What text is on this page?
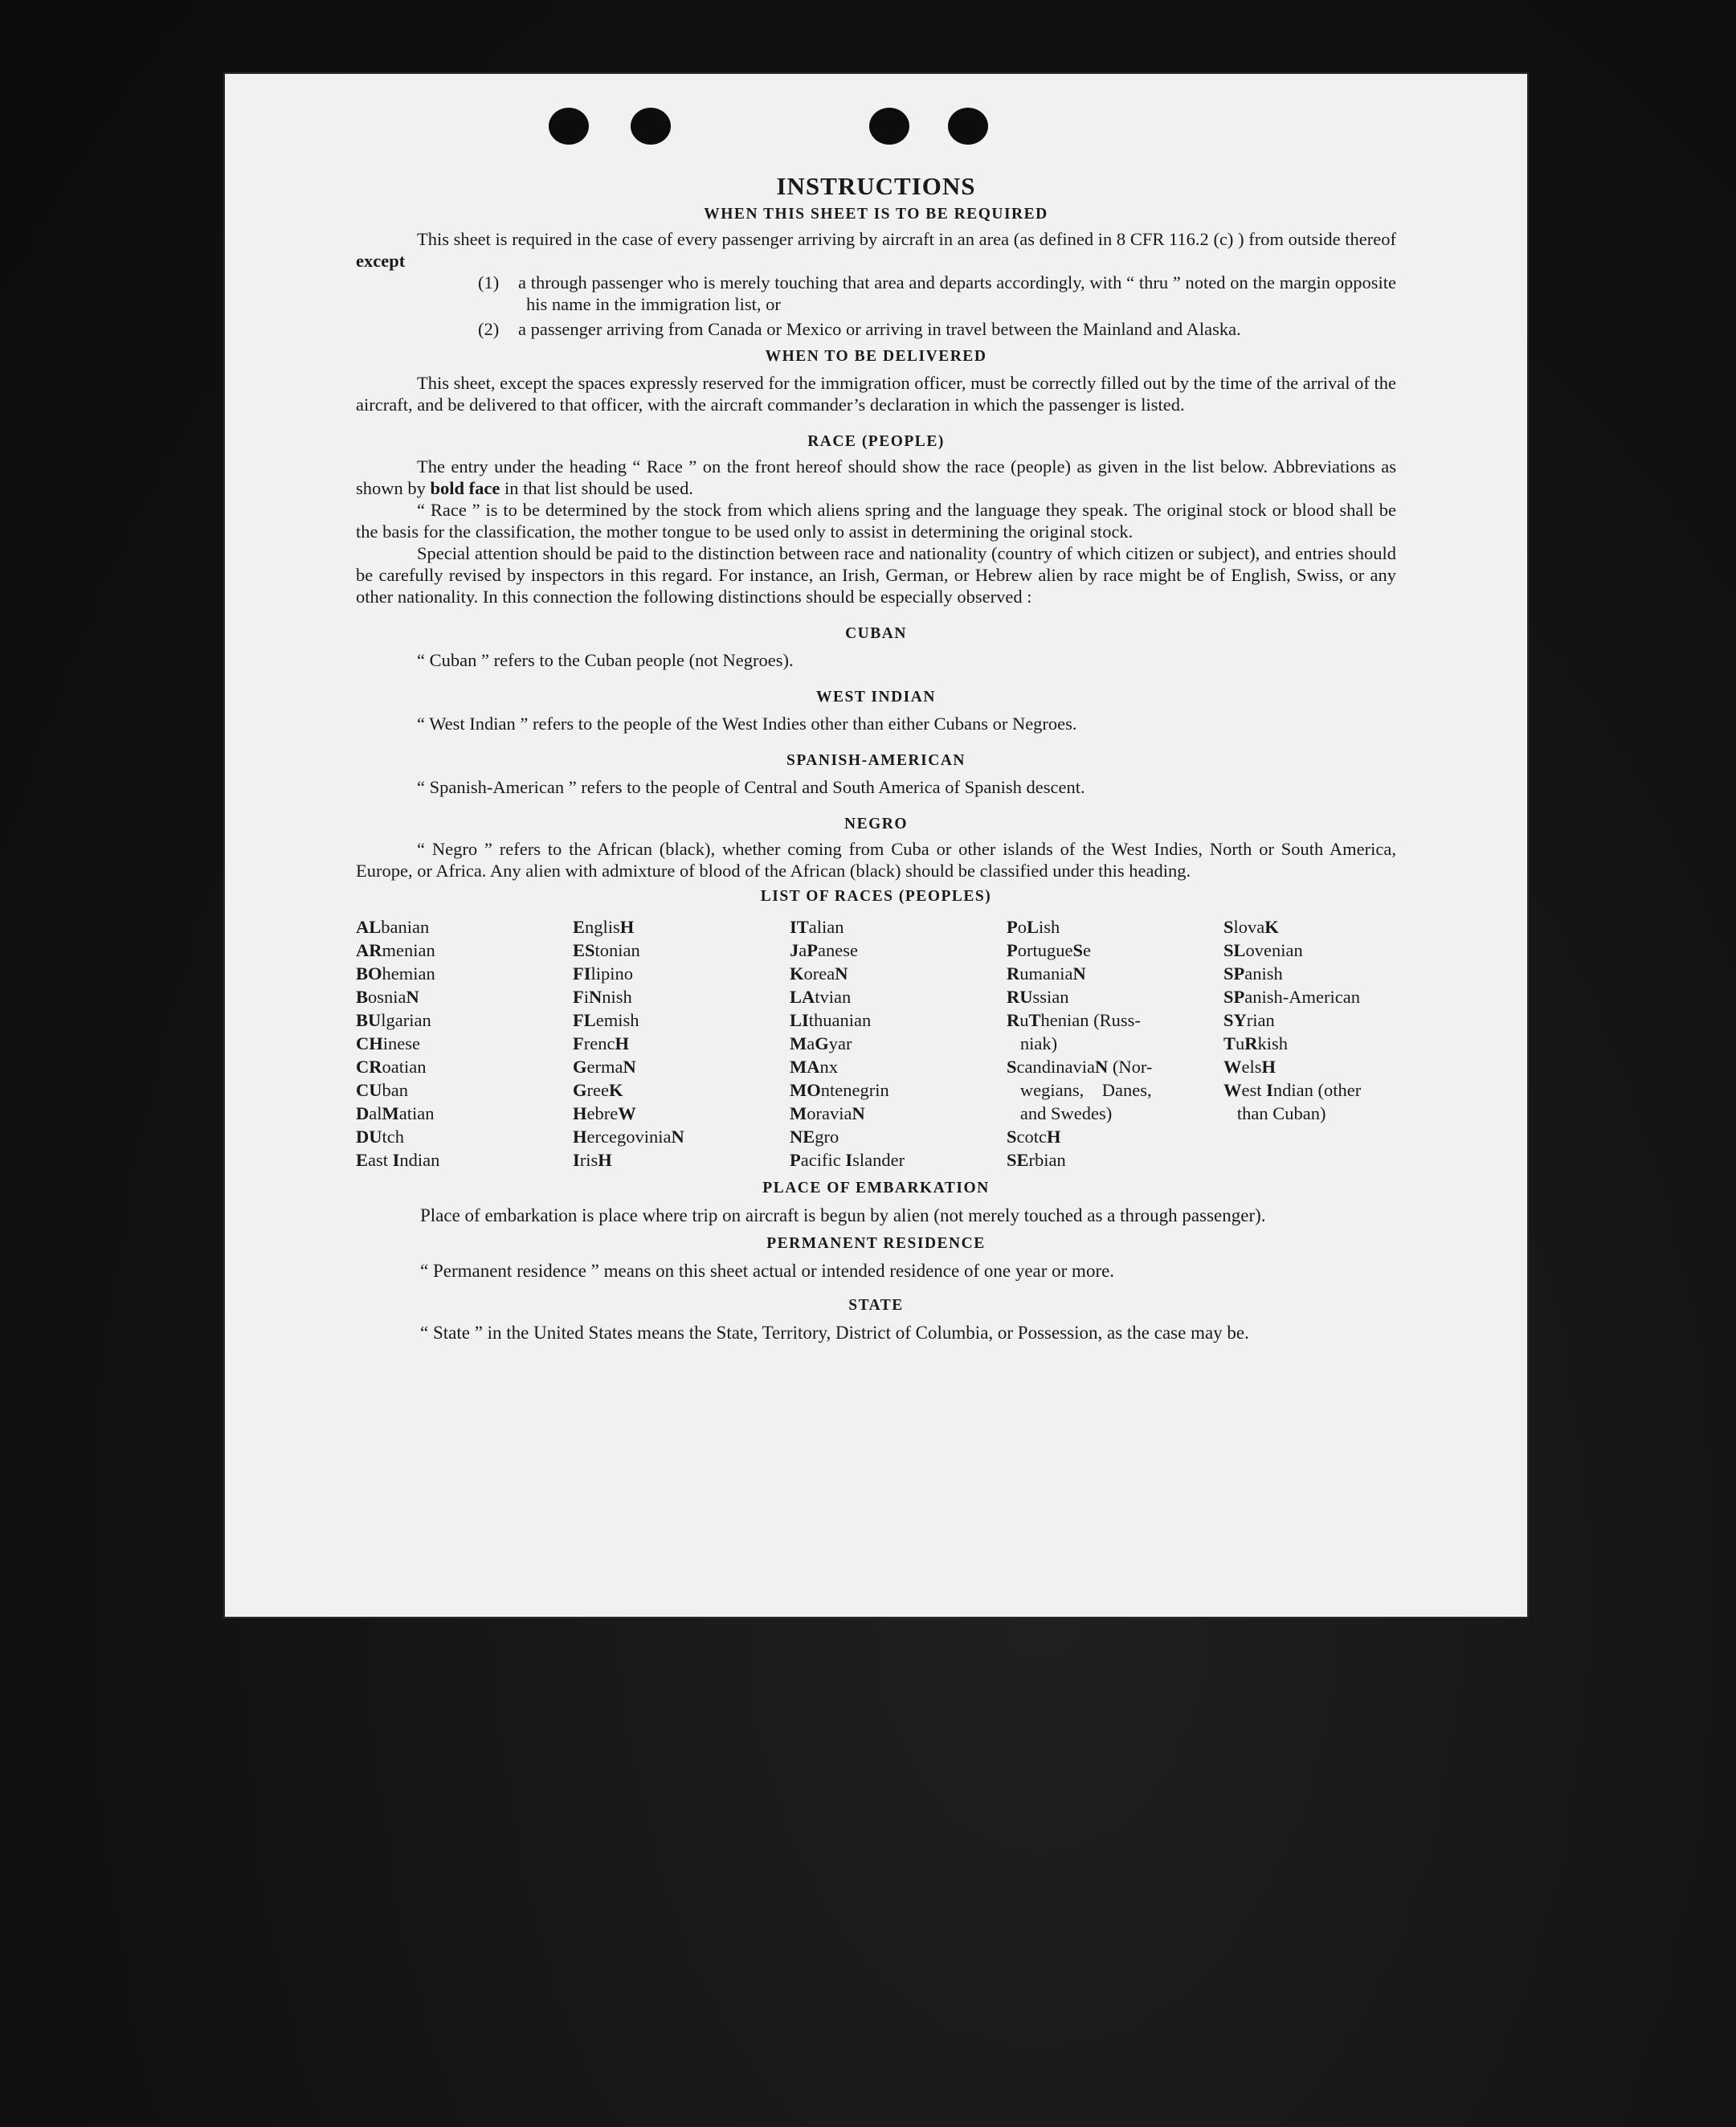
INSTRUCTIONS
WHEN THIS SHEET IS TO BE REQUIRED

This sheet is required in the case of every passenger arriving by aircraft in an area (as defined in 8 CFR 116.2 (c) ) from outside thereof except

(1)	a through passenger who is merely touching that area and departs accordingly, with “ thru ” noted on the margin opposite his name in the immigration list, or
(2)	a passenger arriving from Canada or Mexico or arriving in travel between the Mainland and Alaska.
WHEN TO BE DELIVERED

This sheet, except the spaces expressly reserved for the immigration officer, must be correctly filled out by the time of the arrival of the aircraft, and be delivered to that officer, with the aircraft commander’s declaration in which the passenger is listed.

RACE (PEOPLE)

The entry under the heading “ Race ” on the front hereof should show the race (people) as given in the list below. Abbreviations as shown by bold face in that list should be used.

“ Race ” is to be determined by the stock from which aliens spring and the language they speak. The original stock or blood shall be the basis for the classification, the mother tongue to be used only to assist in determining the original stock.

Special attention should be paid to the distinction between race and nationality (country of which citizen or subject), and entries should be carefully revised by inspectors in this regard. For instance, an Irish, German, or Hebrew alien by race might be of English, Swiss, or any other nationality. In this connection the following distinctions should be especially observed :

CUBAN
“ Cuban ” refers to the Cuban people (not Negroes).
WEST INDIAN
“ West Indian ” refers to the people of the West Indies other than either Cubans or Negroes.
SPANISH-AMERICAN
“ Spanish-American ” refers to the people of Central and South America of Spanish descent.
NEGRO

“ Negro ” refers to the African (black), whether coming from Cuba or other islands of the West Indies, North or South America, Europe, or Africa. Any alien with admixture of blood of the African (black) should be classified under this heading.

LIST OF RACES (PEOPLES)
ALbanian
ARmenian
BOhemian
BosniaN
BUlgarian
CHinese
CRoatian
CUban
DalMatian
DUtch
East Indian
EnglisH
EStonian
FIlipino
FiNnish
FLemish
FrencH
GermaN
GreeK
HebreW
HercegoviniaN
IrisH
ITalian
JaPanese
KoreaN
LAtvian
LIthuanian
MaGyar
MAnx
MOntenegrin
MoraviaN
NEgro
Pacific Islander
PoLish
PortugueSe
RumaniaN
RUssian
RuThenian (Russ-
niak)
ScandinaviaN (Nor-
wegians,    Danes,
and Swedes)
ScotcH
SErbian
SlovaK
SLovenian
SPanish
SPanish-American
SYrian
TuRkish
WelsH
West Indian (other
than Cuban)
PLACE OF EMBARKATION

Place of embarkation is place where trip on aircraft is begun by alien (not merely touched as a through passenger).

PERMANENT RESIDENCE

“ Permanent residence ” means on this sheet actual or intended residence of one year or more.

STATE

“ State ” in the United States means the State, Territory, District of Columbia, or Possession, as the case may be.
